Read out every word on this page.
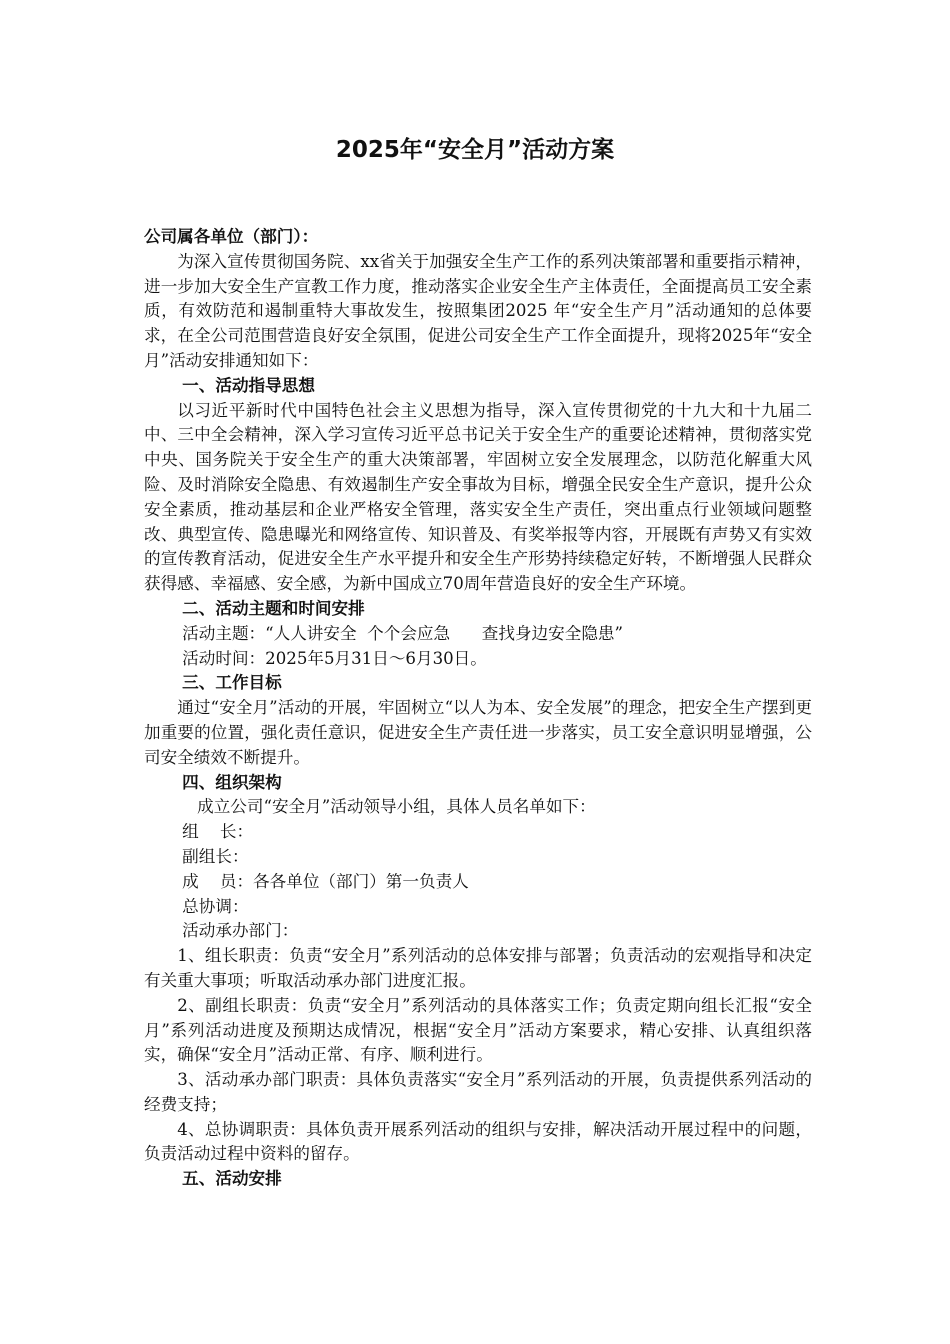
2025年“安全月”活动方案

公司属各单位（部门）：

为深入宣传贯彻国务院、xx省关于加强安全生产工作的系列决策部署和重要指示精神，进一步加大安全生产宣教工作力度，推动落实企业安全生产主体责任，全面提高员工安全素质，有效防范和遏制重特大事故发生，按照集团2025 年“安全生产月”活动通知的总体要求，在全公司范围营造良好安全氛围，促进公司安全生产工作全面提升，现将2025年“安全月”活动安排通知如下：

一、活动指导思想

以习近平新时代中国特色社会主义思想为指导，深入宣传贯彻党的十九大和十九届二中、三中全会精神，深入学习宣传习近平总书记关于安全生产的重要论述精神，贯彻落实党中央、国务院关于安全生产的重大决策部署，牢固树立安全发展理念，以防范化解重大风险、及时消除安全隐患、有效遏制生产安全事故为目标，增强全民安全生产意识，提升公众安全素质，推动基层和企业严格安全管理，落实安全生产责任，突出重点行业领域问题整改、典型宣传、隐患曝光和网络宣传、知识普及、有奖举报等内容，开展既有声势又有实效的宣传教育活动，促进安全生产水平提升和安全生产形势持续稳定好转，不断增强人民群众获得感、幸福感、安全感，为新中国成立70周年营造良好的安全生产环境。

二、活动主题和时间安排

活动主题：“人人讲安全  个个会应急      查找身边安全隐患”

活动时间：2025年5月31日～6月30日。

三、工作目标

通过“安全月”活动的开展，牢固树立“以人为本、安全发展”的理念，把安全生产摆到更加重要的位置，强化责任意识，促进安全生产责任进一步落实，员工安全意识明显增强，公司安全绩效不断提升。

四、组织架构

成立公司“安全月”活动领导小组，具体人员名单如下：

组    长：

副组长：

成    员：各各单位（部门）第一负责人

总协调：

活动承办部门：

1、组长职责：负责“安全月”系列活动的总体安排与部署；负责活动的宏观指导和决定有关重大事项；听取活动承办部门进度汇报。

2、副组长职责：负责“安全月”系列活动的具体落实工作；负责定期向组长汇报“安全月”系列活动进度及预期达成情况，根据“安全月”活动方案要求，精心安排、认真组织落实，确保“安全月”活动正常、有序、顺利进行。

3、活动承办部门职责：具体负责落实“安全月”系列活动的开展，负责提供系列活动的经费支持；

4、总协调职责：具体负责开展系列活动的组织与安排，解决活动开展过程中的问题，负责活动过程中资料的留存。

五、活动安排
